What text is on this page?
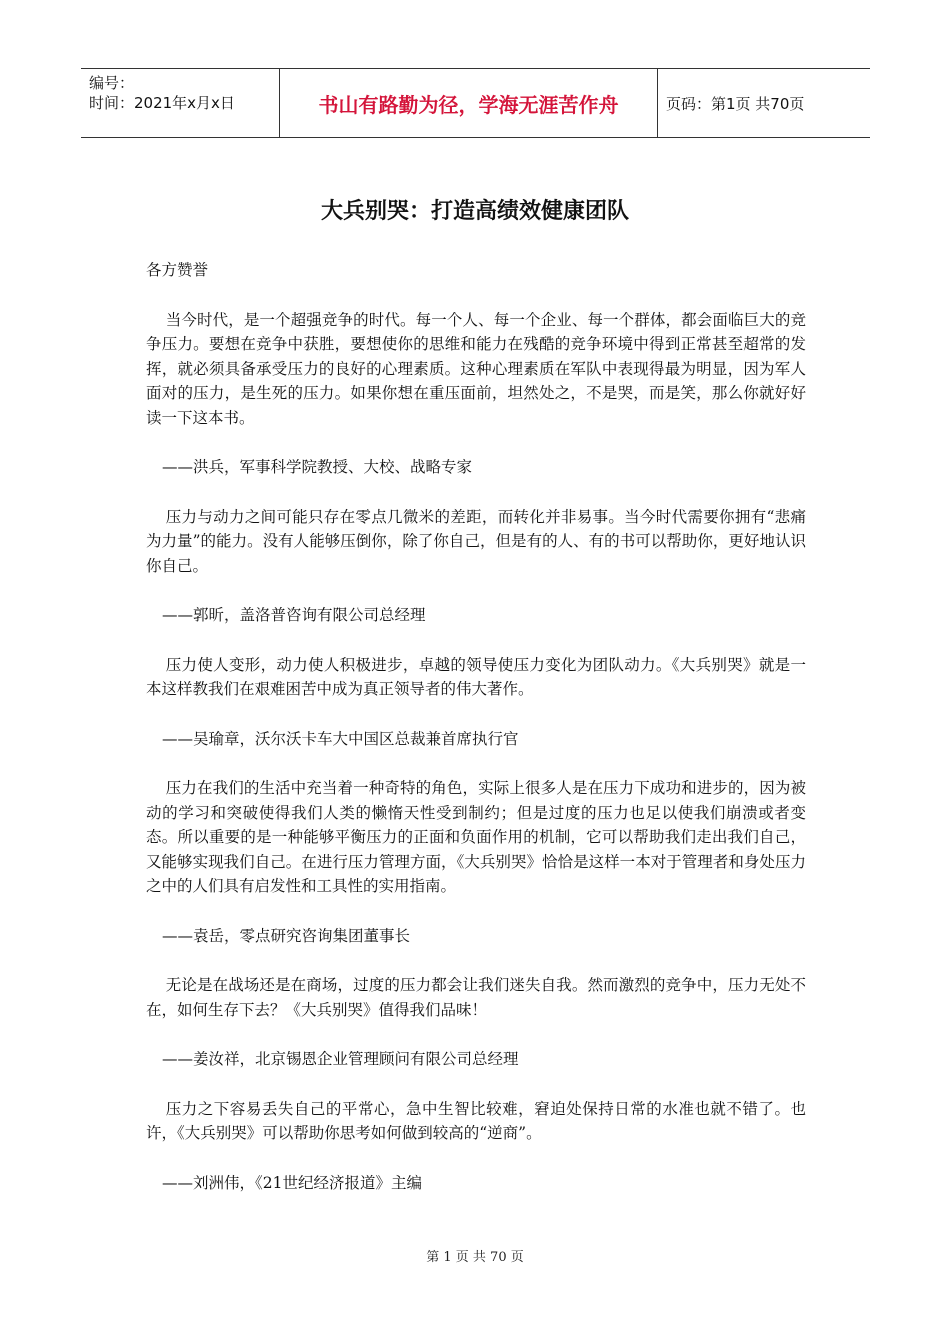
编号：
时间：2021年x月x日	书山有路勤为径，学海无涯苦作舟	页码：第1页 共70页
大兵别哭：打造高绩效健康团队

各方赞誉

当今时代，是一个超强竞争的时代。每一个人、每一个企业、每一个群体，都会面临巨大的竞争压力。要想在竞争中获胜，要想使你的思维和能力在残酷的竞争环境中得到正常甚至超常的发挥，就必须具备承受压力的良好的心理素质。这种心理素质在军队中表现得最为明显，因为军人面对的压力，是生死的压力。如果你想在重压面前，坦然处之，不是哭，而是笑，那么你就好好读一下这本书。

——洪兵，军事科学院教授、大校、战略专家

压力与动力之间可能只存在零点几微米的差距，而转化并非易事。当今时代需要你拥有“悲痛为力量”的能力。没有人能够压倒你，除了你自己，但是有的人、有的书可以帮助你，更好地认识你自己。

——郭昕，盖洛普咨询有限公司总经理

压力使人变形，动力使人积极进步，卓越的领导使压力变化为团队动力。《大兵别哭》就是一本这样教我们在艰难困苦中成为真正领导者的伟大著作。

——吴瑜章，沃尔沃卡车大中国区总裁兼首席执行官

压力在我们的生活中充当着一种奇特的角色，实际上很多人是在压力下成功和进步的，因为被动的学习和突破使得我们人类的懒惰天性受到制约；但是过度的压力也足以使我们崩溃或者变态。所以重要的是一种能够平衡压力的正面和负面作用的机制，它可以帮助我们走出我们自己，又能够实现我们自己。在进行压力管理方面，《大兵别哭》恰恰是这样一本对于管理者和身处压力之中的人们具有启发性和工具性的实用指南。

——袁岳，零点研究咨询集团董事长

无论是在战场还是在商场，过度的压力都会让我们迷失自我。然而激烈的竞争中，压力无处不在，如何生存下去？《大兵别哭》值得我们品味！

——姜汝祥，北京锡恩企业管理顾问有限公司总经理

压力之下容易丢失自己的平常心，急中生智比较难，窘迫处保持日常的水准也就不错了。也许，《大兵别哭》可以帮助你思考如何做到较高的“逆商”。

——刘洲伟，《21世纪经济报道》主编

第 1 页 共 70 页
